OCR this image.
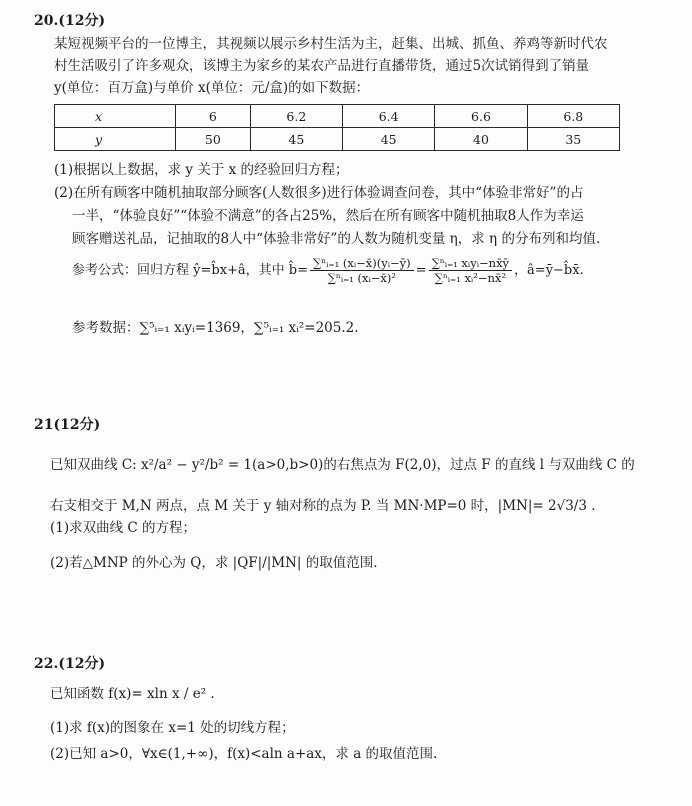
20.(12分)
某短视频平台的一位博主，其视频以展示乡村生活为主，赶集、出城、抓鱼、养鸡等新时代农
村生活吸引了许多观众，该博主为家乡的某农产品进行直播带货，通过5次试销得到了销量
y(单位：百万盒)与单价 x(单位：元/盒)的如下数据：
x	6	6.2	6.4	6.6	6.8
y	50	45	45	40	35
(1)根据以上数据，求 y 关于 x 的经验回归方程；
(2)在所有顾客中随机抽取部分顾客(人数很多)进行体验调查问卷，其中“体验非常好”的占
一半，“体验良好”“体验不满意”的各占25%，然后在所有顾客中随机抽取8人作为幸运
顾客赠送礼品，记抽取的8人中“体验非常好”的人数为随机变量 η，求 η 的分布列和均值.
参考公式：回归方程 ŷ=b̂x+â，其中 b̂= $\frac{\text{∑ⁿᵢ₌₁ (xᵢ−x̄)(yᵢ−ȳ)}}{\text{∑ⁿᵢ₌₁ (xᵢ−x̄)²}} = \frac{\text{∑ⁿᵢ₌₁ xᵢyᵢ−nx̄ȳ}}{\text{∑ⁿᵢ₌₁ xᵢ²−nx̄²}}$ ，â=ȳ−b̂x̄.
参考数据：∑⁵ᵢ₌₁ xᵢyᵢ=1369，∑⁵ᵢ₌₁ xᵢ²=205.2.
21(12分)
已知双曲线 C: x²/a² − y²/b² = 1(a>0,b>0)的右焦点为 F(2,0)，过点 F 的直线 l 与双曲线 C 的
右支相交于 M,N 两点，点 M 关于 y 轴对称的点为 P. 当 MN·MP=0 时，|MN|= 2√3/3 .
(1)求双曲线 C 的方程；
(2)若△MNP 的外心为 Q，求 |QF|/|MN| 的取值范围.
22.(12分)
已知函数 f(x)= xln x / e² .
(1)求 f(x)的图象在 x=1 处的切线方程；
(2)已知 a>0，∀x∈(1,+∞)，f(x)<aln a+ax，求 a 的取值范围.
